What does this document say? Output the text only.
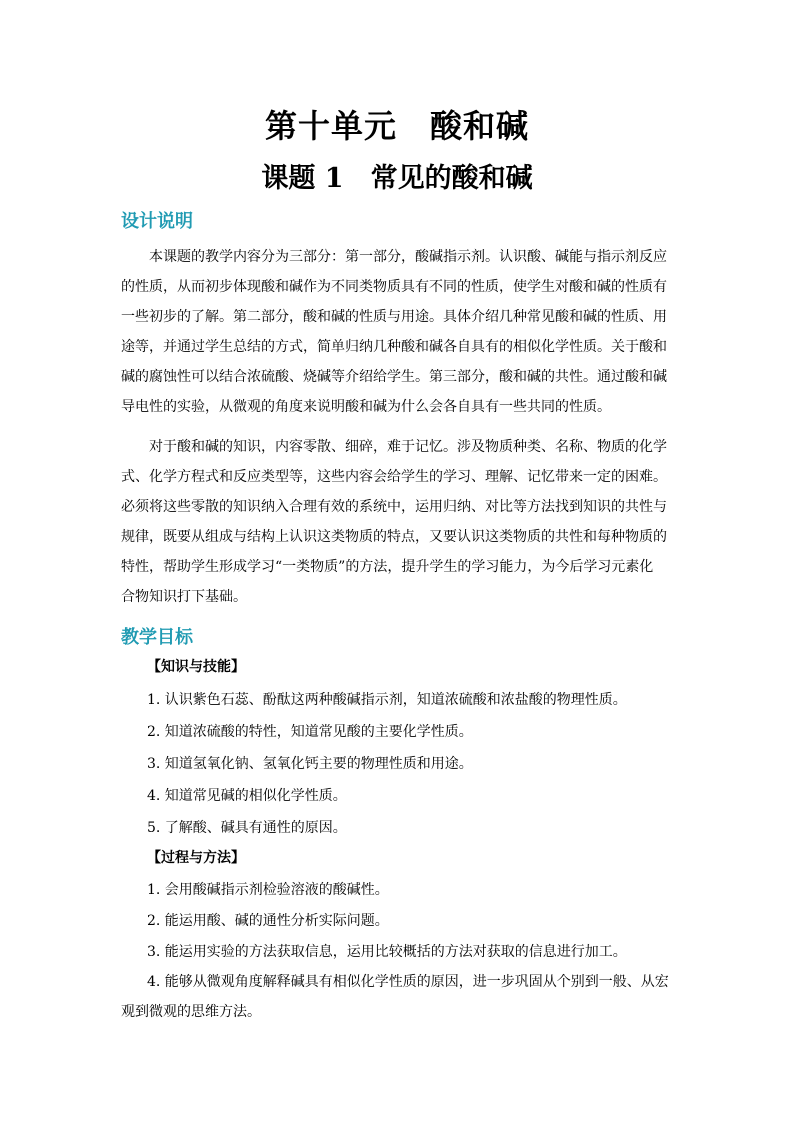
第十单元　酸和碱
课题 1　常见的酸和碱
设计说明
本课题的教学内容分为三部分：第一部分，酸碱指示剂。认识酸、碱能与指示剂反应
的性质，从而初步体现酸和碱作为不同类物质具有不同的性质，使学生对酸和碱的性质有
一些初步的了解。第二部分，酸和碱的性质与用途。具体介绍几种常见酸和碱的性质、用
途等，并通过学生总结的方式，简单归纳几种酸和碱各自具有的相似化学性质。关于酸和
碱的腐蚀性可以结合浓硫酸、烧碱等介绍给学生。第三部分，酸和碱的共性。通过酸和碱
导电性的实验，从微观的角度来说明酸和碱为什么会各自具有一些共同的性质。
对于酸和碱的知识，内容零散、细碎，难于记忆。涉及物质种类、名称、物质的化学
式、化学方程式和反应类型等，这些内容会给学生的学习、理解、记忆带来一定的困难。
必须将这些零散的知识纳入合理有效的系统中，运用归纳、对比等方法找到知识的共性与
规律，既要从组成与结构上认识这类物质的特点，又要认识这类物质的共性和每种物质的
特性，帮助学生形成学习“一类物质”的方法，提升学生的学习能力，为今后学习元素化
合物知识打下基础。
教学目标
【知识与技能】
1. 认识紫色石蕊、酚酞这两种酸碱指示剂，知道浓硫酸和浓盐酸的物理性质。
2. 知道浓硫酸的特性，知道常见酸的主要化学性质。
3. 知道氢氧化钠、氢氧化钙主要的物理性质和用途。
4. 知道常见碱的相似化学性质。
5. 了解酸、碱具有通性的原因。
【过程与方法】
1. 会用酸碱指示剂检验溶液的酸碱性。
2. 能运用酸、碱的通性分析实际问题。
3. 能运用实验的方法获取信息，运用比较概括的方法对获取的信息进行加工。
4. 能够从微观角度解释碱具有相似化学性质的原因，进一步巩固从个别到一般、从宏
观到微观的思维方法。
